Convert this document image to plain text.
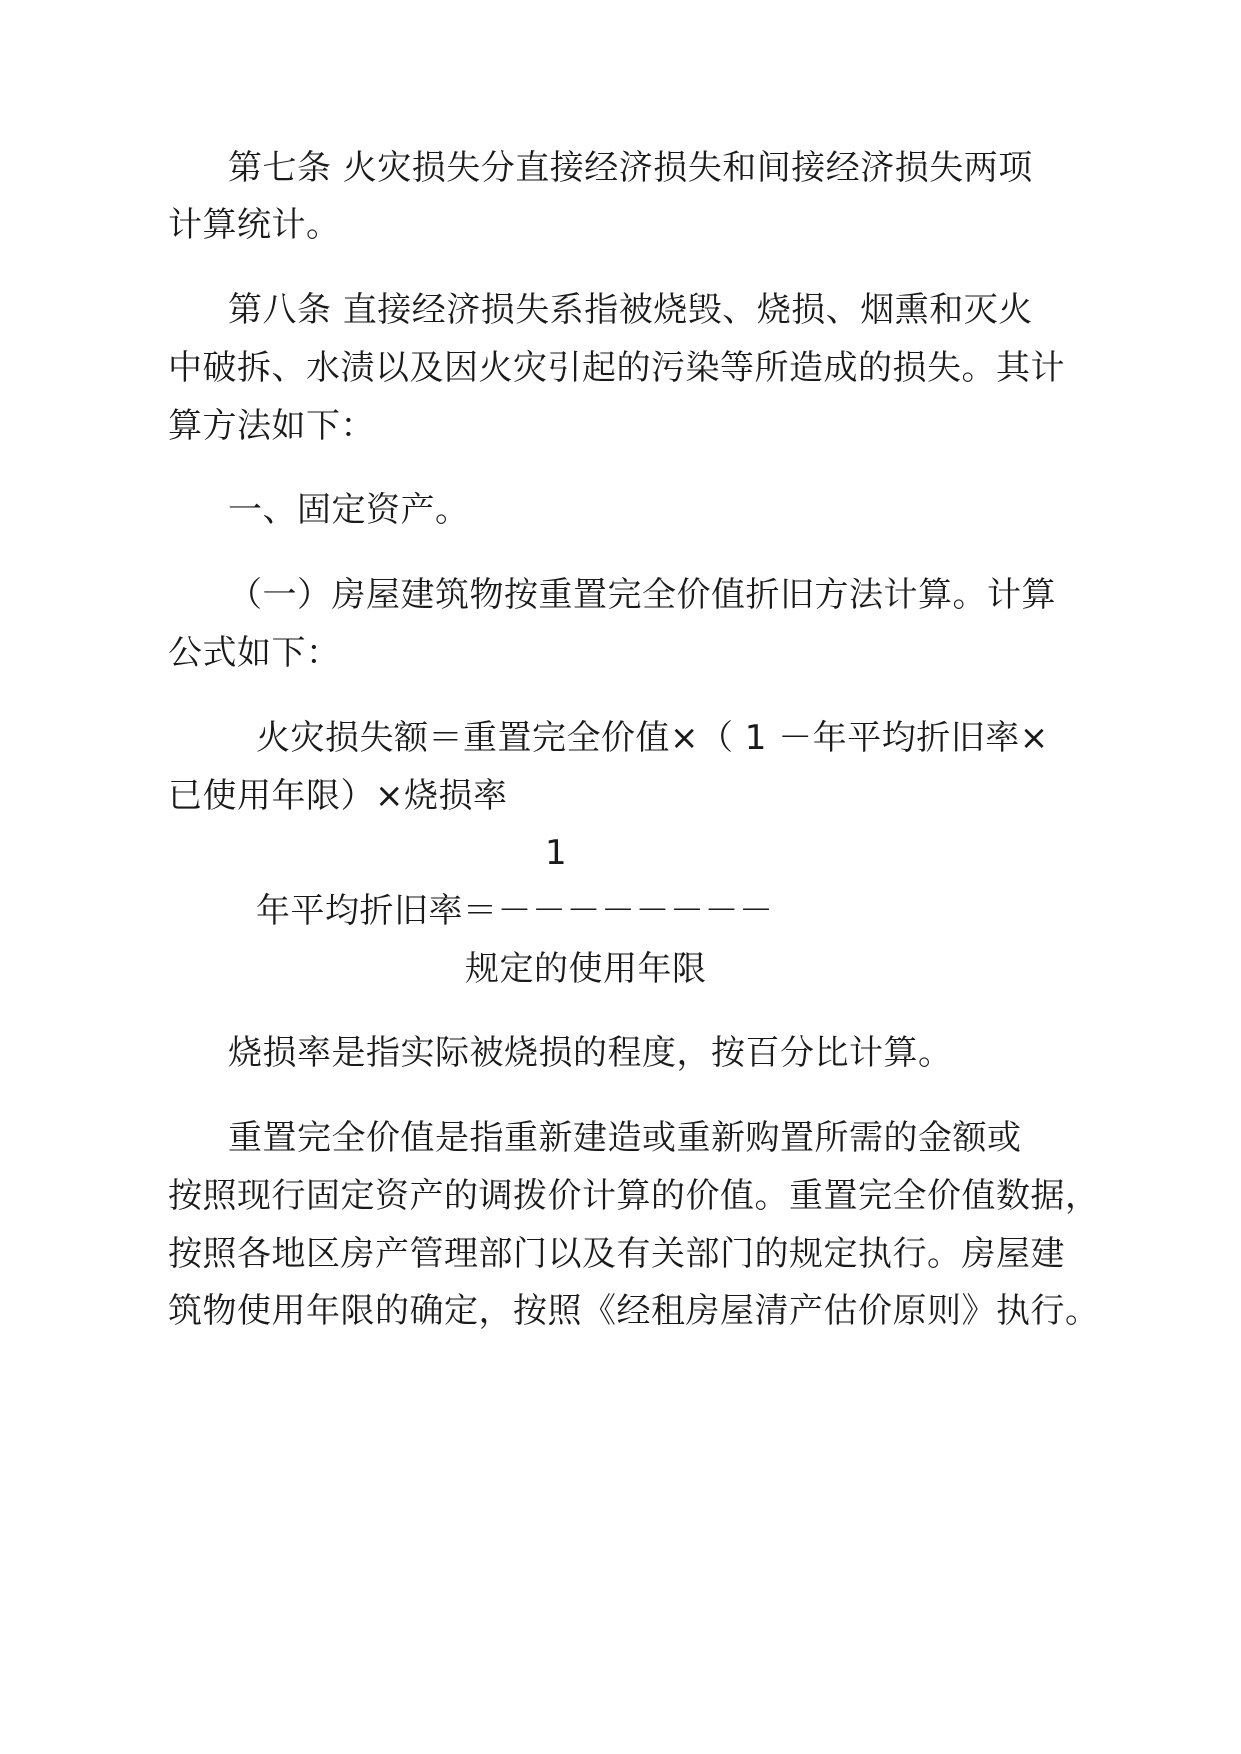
第七条 火灾损失分直接经济损失和间接经济损失两项
计算统计。
第八条 直接经济损失系指被烧毁、烧损、烟熏和灭火
中破拆、水渍以及因火灾引起的污染等所造成的损失。其计
算方法如下：
一、固定资产。
（一）房屋建筑物按重置完全价值折旧方法计算。计算
公式如下：
火灾损失额＝重置完全价值×（ 1 －年平均折旧率×
已使用年限）×烧损率
1
年平均折旧率＝－－－－－－－－
规定的使用年限
烧损率是指实际被烧损的程度，按百分比计算。
重置完全价值是指重新建造或重新购置所需的金额或
按照现行固定资产的调拨价计算的价值。重置完全价值数据，
按照各地区房产管理部门以及有关部门的规定执行。房屋建
筑物使用年限的确定，按照《经租房屋清产估价原则》执行。
